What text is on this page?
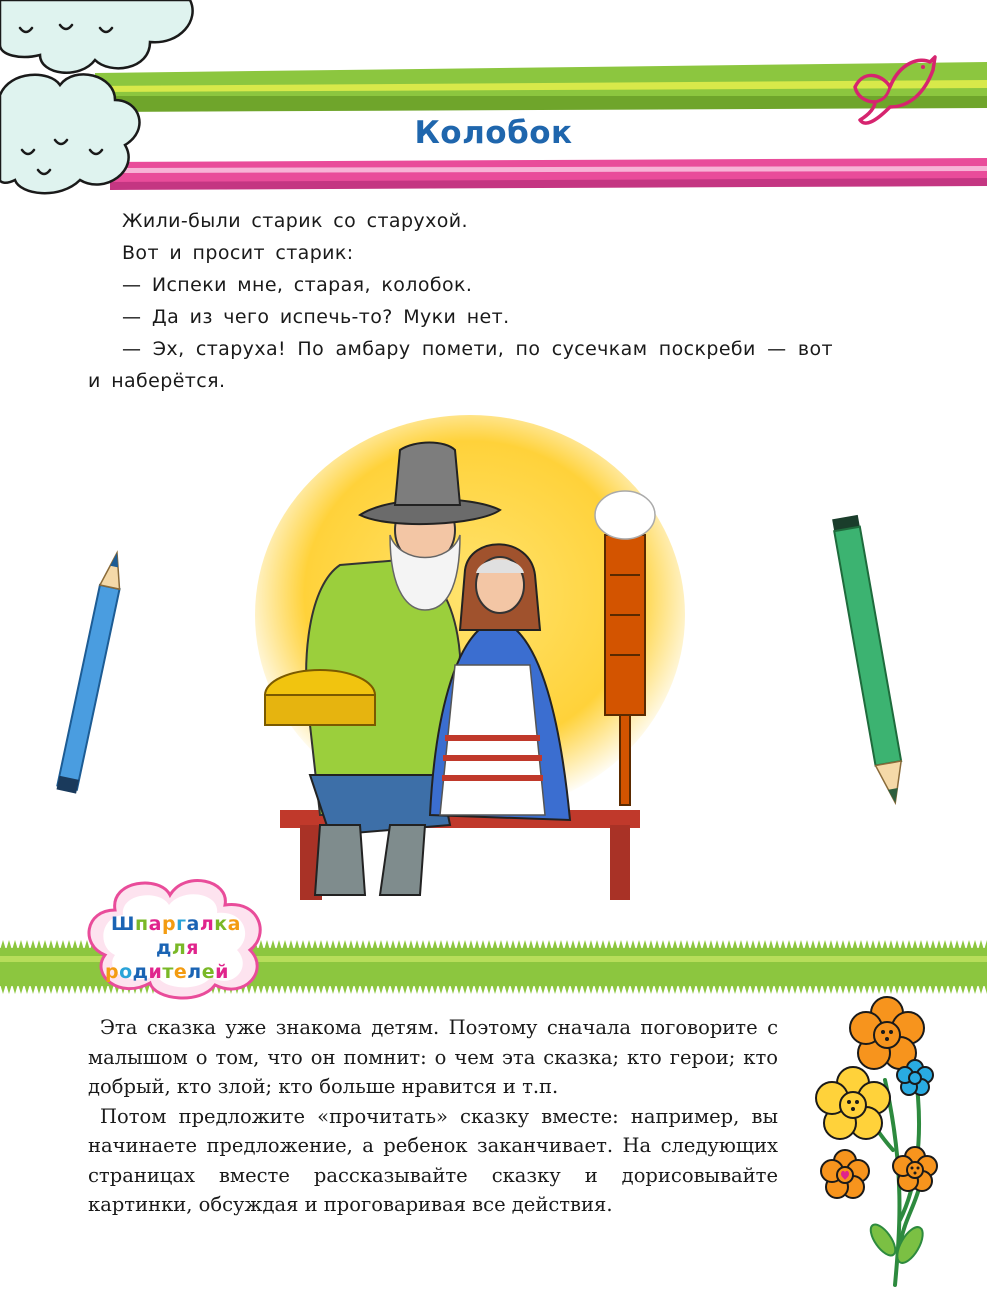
Колобок

Жили-были старик со старухой.

Вот и просит старик:

— Испеки мне, старая, колобок.

— Да из чего испечь-то? Муки нет.

— Эх, старуха! По амбару помети, по сусечкам поскреби — вот и наберётся.

Шпаргалка
для
родителей

Эта сказка уже знакома детям. Поэтому сначала поговорите с малышом о том, что он помнит: о чем эта сказка; кто герои; кто добрый, кто злой; кто больше нравится и т.п.

Потом предложите «прочитать» сказку вместе: например, вы начинаете предложение, а ребенок заканчивает. На следующих страницах вместе рассказывайте сказку и дорисовывайте картинки, обсуждая и проговаривая все действия.
